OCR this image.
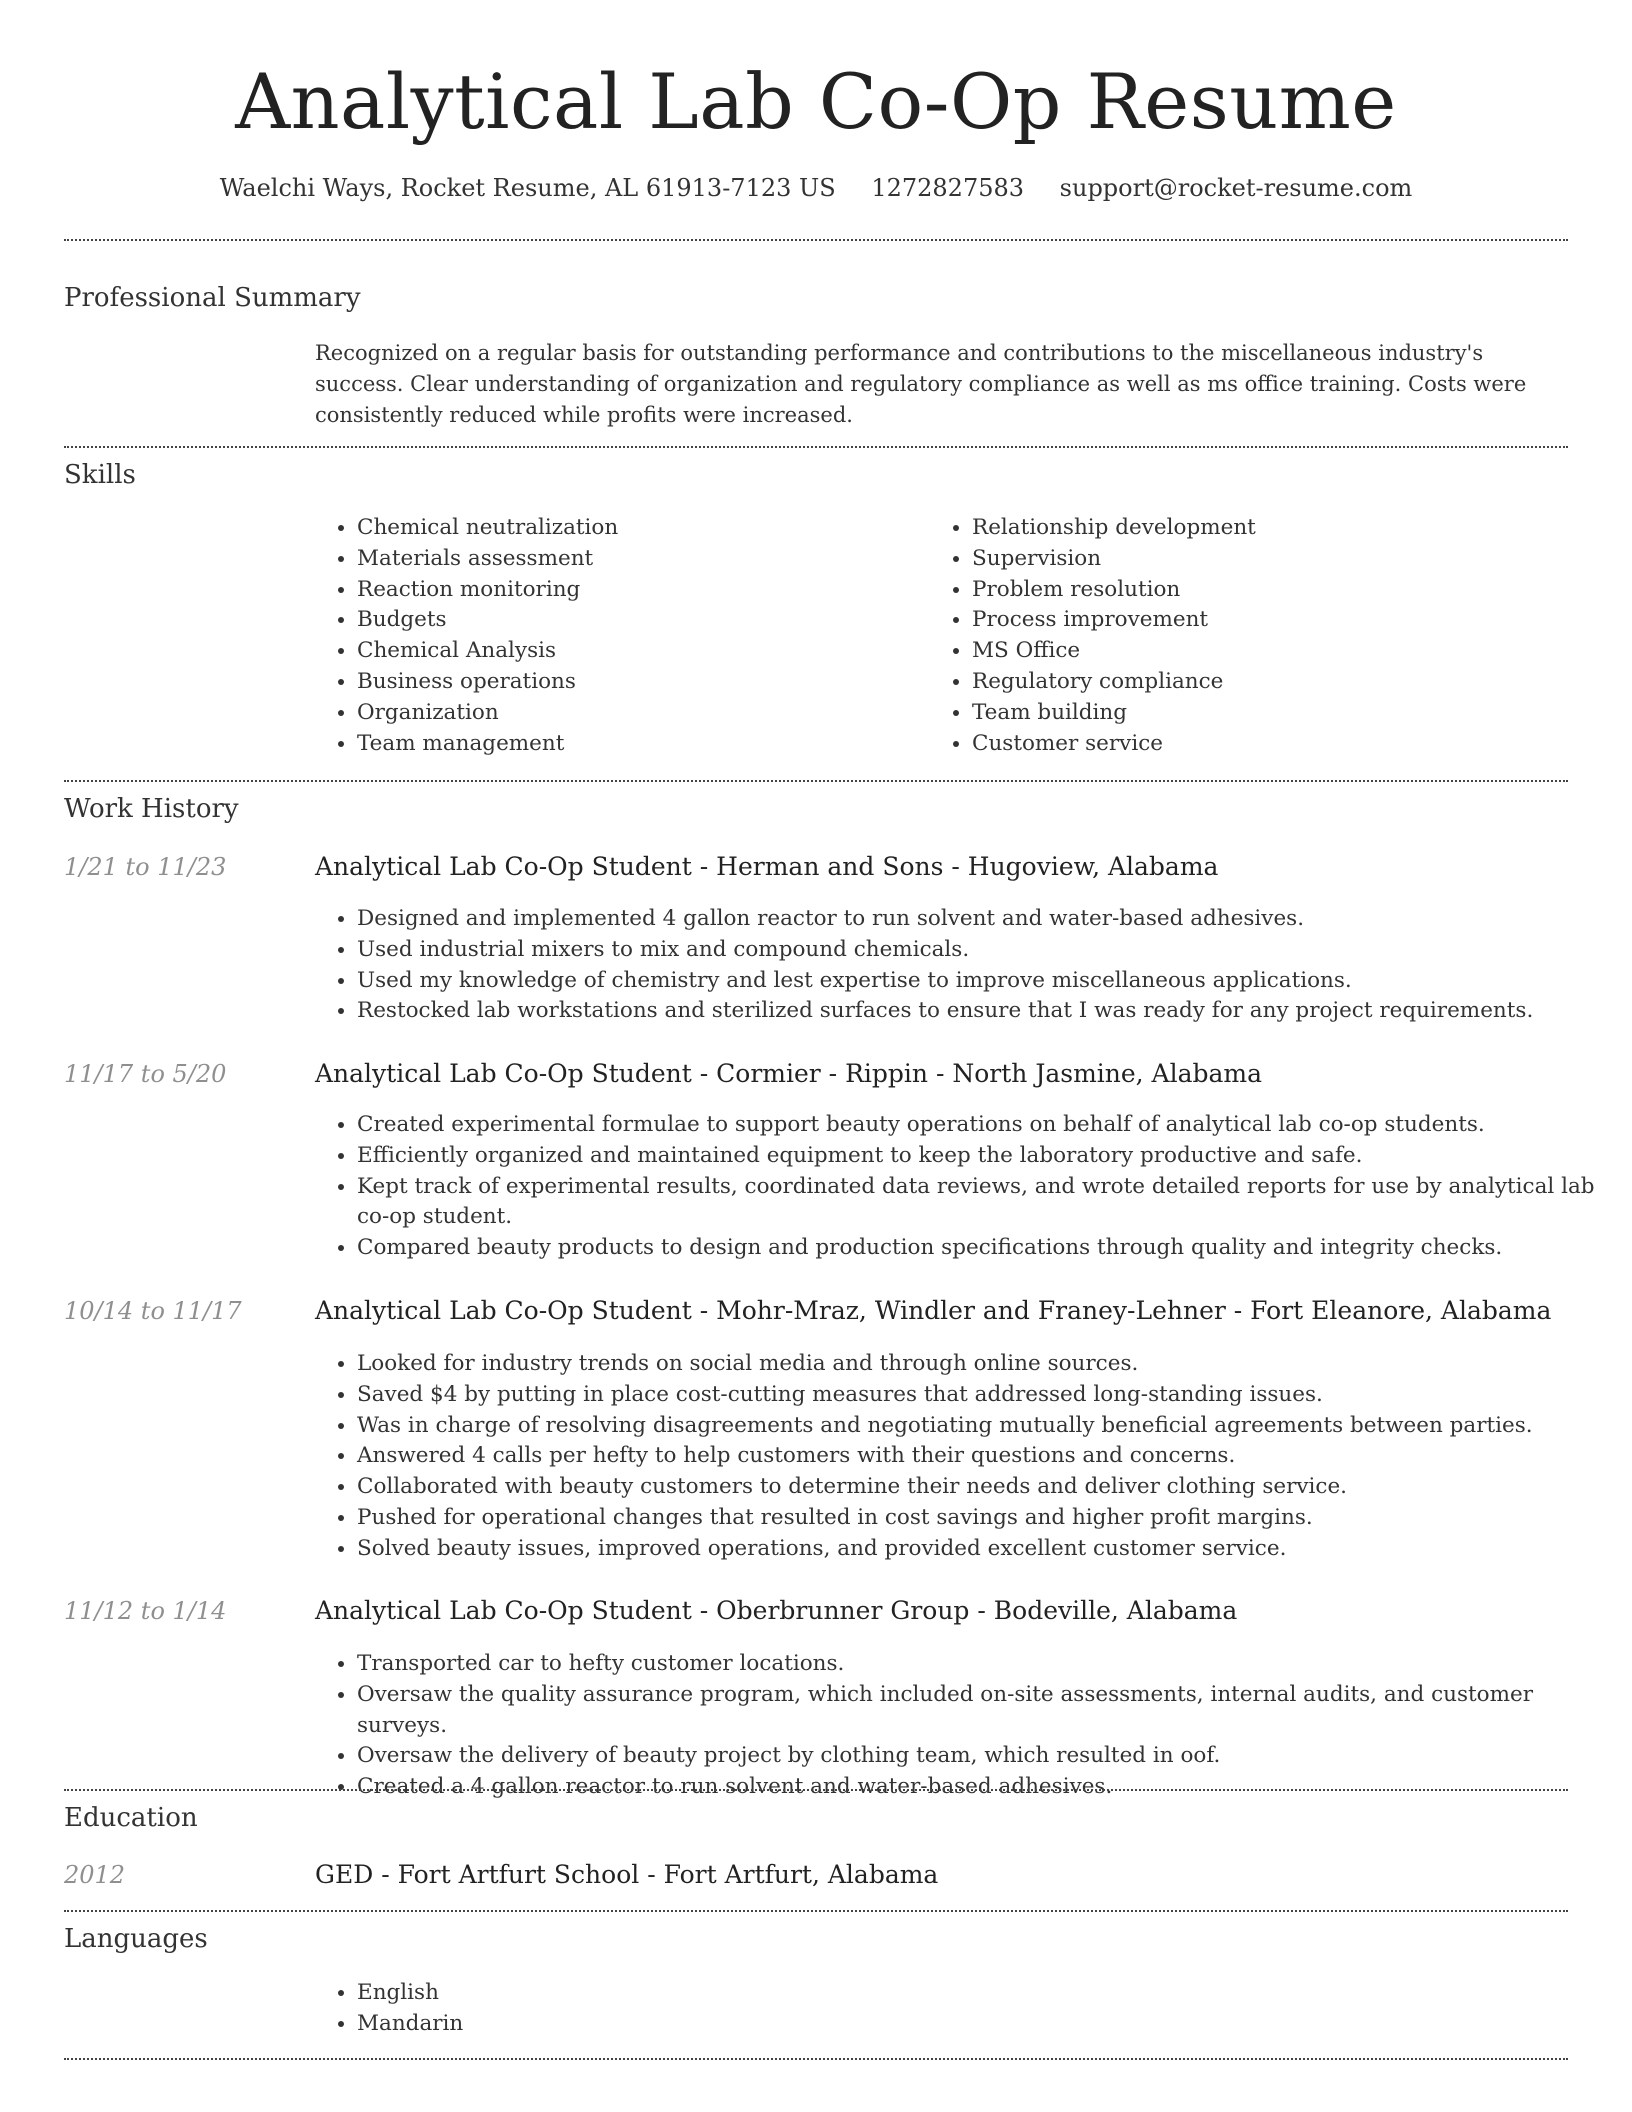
Analytical Lab Co-Op Resume
Waelchi Ways, Rocket Resume, AL 61913-7123 US 1272827583 support@rocket-resume.com
Professional Summary

Recognized on a regular basis for outstanding performance and contributions to the miscellaneous industry's success. Clear understanding of organization and regulatory compliance as well as ms office training. Costs were consistently reduced while profits were increased.

Skills
• Chemical neutralization
• Materials assessment
• Reaction monitoring
• Budgets
• Chemical Analysis
• Business operations
• Organization
• Team management
• Relationship development
• Supervision
• Problem resolution
• Process improvement
• MS Office
• Regulatory compliance
• Team building
• Customer service
Work History
1/21 to 11/23	Analytical Lab Co-Op Student - Herman and Sons - Hugoview, Alabama
• Designed and implemented 4 gallon reactor to run solvent and water-based adhesives.
• Used industrial mixers to mix and compound chemicals.
• Used my knowledge of chemistry and lest expertise to improve miscellaneous applications.
• Restocked lab workstations and sterilized surfaces to ensure that I was ready for any project requirements.
11/17 to 5/20	Analytical Lab Co-Op Student - Cormier - Rippin - North Jasmine, Alabama
• Created experimental formulae to support beauty operations on behalf of analytical lab co-op students.
• Efficiently organized and maintained equipment to keep the laboratory productive and safe.
• Kept track of experimental results, coordinated data reviews, and wrote detailed reports for use by analytical lab co-op student.
• Compared beauty products to design and production specifications through quality and integrity checks.
10/14 to 11/17	Analytical Lab Co-Op Student - Mohr-Mraz, Windler and Franey-Lehner - Fort Eleanore, Alabama
• Looked for industry trends on social media and through online sources.
• Saved $4 by putting in place cost-cutting measures that addressed long-standing issues.
• Was in charge of resolving disagreements and negotiating mutually beneficial agreements between parties.
• Answered 4 calls per hefty to help customers with their questions and concerns.
• Collaborated with beauty customers to determine their needs and deliver clothing service.
• Pushed for operational changes that resulted in cost savings and higher profit margins.
• Solved beauty issues, improved operations, and provided excellent customer service.
11/12 to 1/14	Analytical Lab Co-Op Student - Oberbrunner Group - Bodeville, Alabama
• Transported car to hefty customer locations.
• Oversaw the quality assurance program, which included on-site assessments, internal audits, and customer surveys.
• Oversaw the delivery of beauty project by clothing team, which resulted in oof.
• Created a 4 gallon reactor to run solvent and water-based adhesives.
Education
2012	GED - Fort Artfurt School - Fort Artfurt, Alabama
Languages
• English
• Mandarin
